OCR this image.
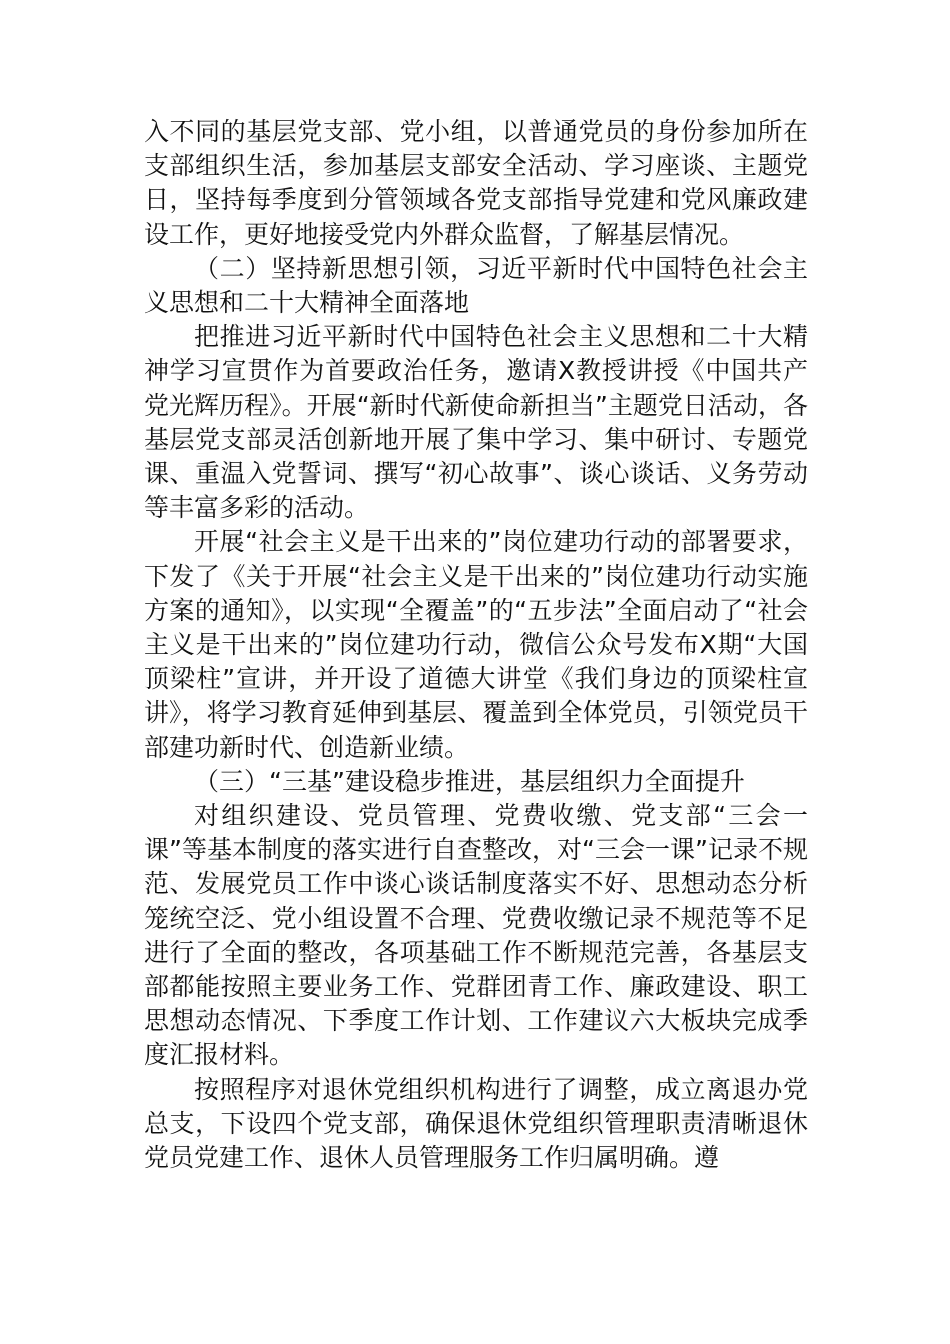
入不同的基层党支部、党小组，以普通党员的身份参加所在支部组织生活，参加基层支部安全活动、学习座谈、主题党日，坚持每季度到分管领域各党支部指导党建和党风廉政建设工作，更好地接受党内外群众监督，了解基层情况。

（二）坚持新思想引领，习近平新时代中国特色社会主义思想和二十大精神全面落地

把推进习近平新时代中国特色社会主义思想和二十大精神学习宣贯作为首要政治任务，邀请X教授讲授《中国共产党光辉历程》。开展“新时代新使命新担当”主题党日活动，各基层党支部灵活创新地开展了集中学习、集中研讨、专题党课、重温入党誓词、撰写“初心故事”、谈心谈话、义务劳动等丰富多彩的活动。

开展“社会主义是干出来的”岗位建功行动的部署要求，下发了《关于开展“社会主义是干出来的”岗位建功行动实施方案的通知》，以实现“全覆盖”的“五步法”全面启动了“社会主义是干出来的”岗位建功行动，微信公众号发布X期“大国顶梁柱”宣讲，并开设了道德大讲堂《我们身边的顶梁柱宣讲》，将学习教育延伸到基层、覆盖到全体党员，引领党员干部建功新时代、创造新业绩。

（三）“三基”建设稳步推进，基层组织力全面提升

对组织建设、党员管理、党费收缴、党支部“三会一课”等基本制度的落实进行自查整改，对“三会一课”记录不规范、发展党员工作中谈心谈话制度落实不好、思想动态分析笼统空泛、党小组设置不合理、党费收缴记录不规范等不足进行了全面的整改，各项基础工作不断规范完善，各基层支部都能按照主要业务工作、党群团青工作、廉政建设、职工思想动态情况、下季度工作计划、工作建议六大板块完成季度汇报材料。

按照程序对退休党组织机构进行了调整，成立离退办党总支，下设四个党支部，确保退休党组织管理职责清晰退休党员党建工作、退休人员管理服务工作归属明确。遵
